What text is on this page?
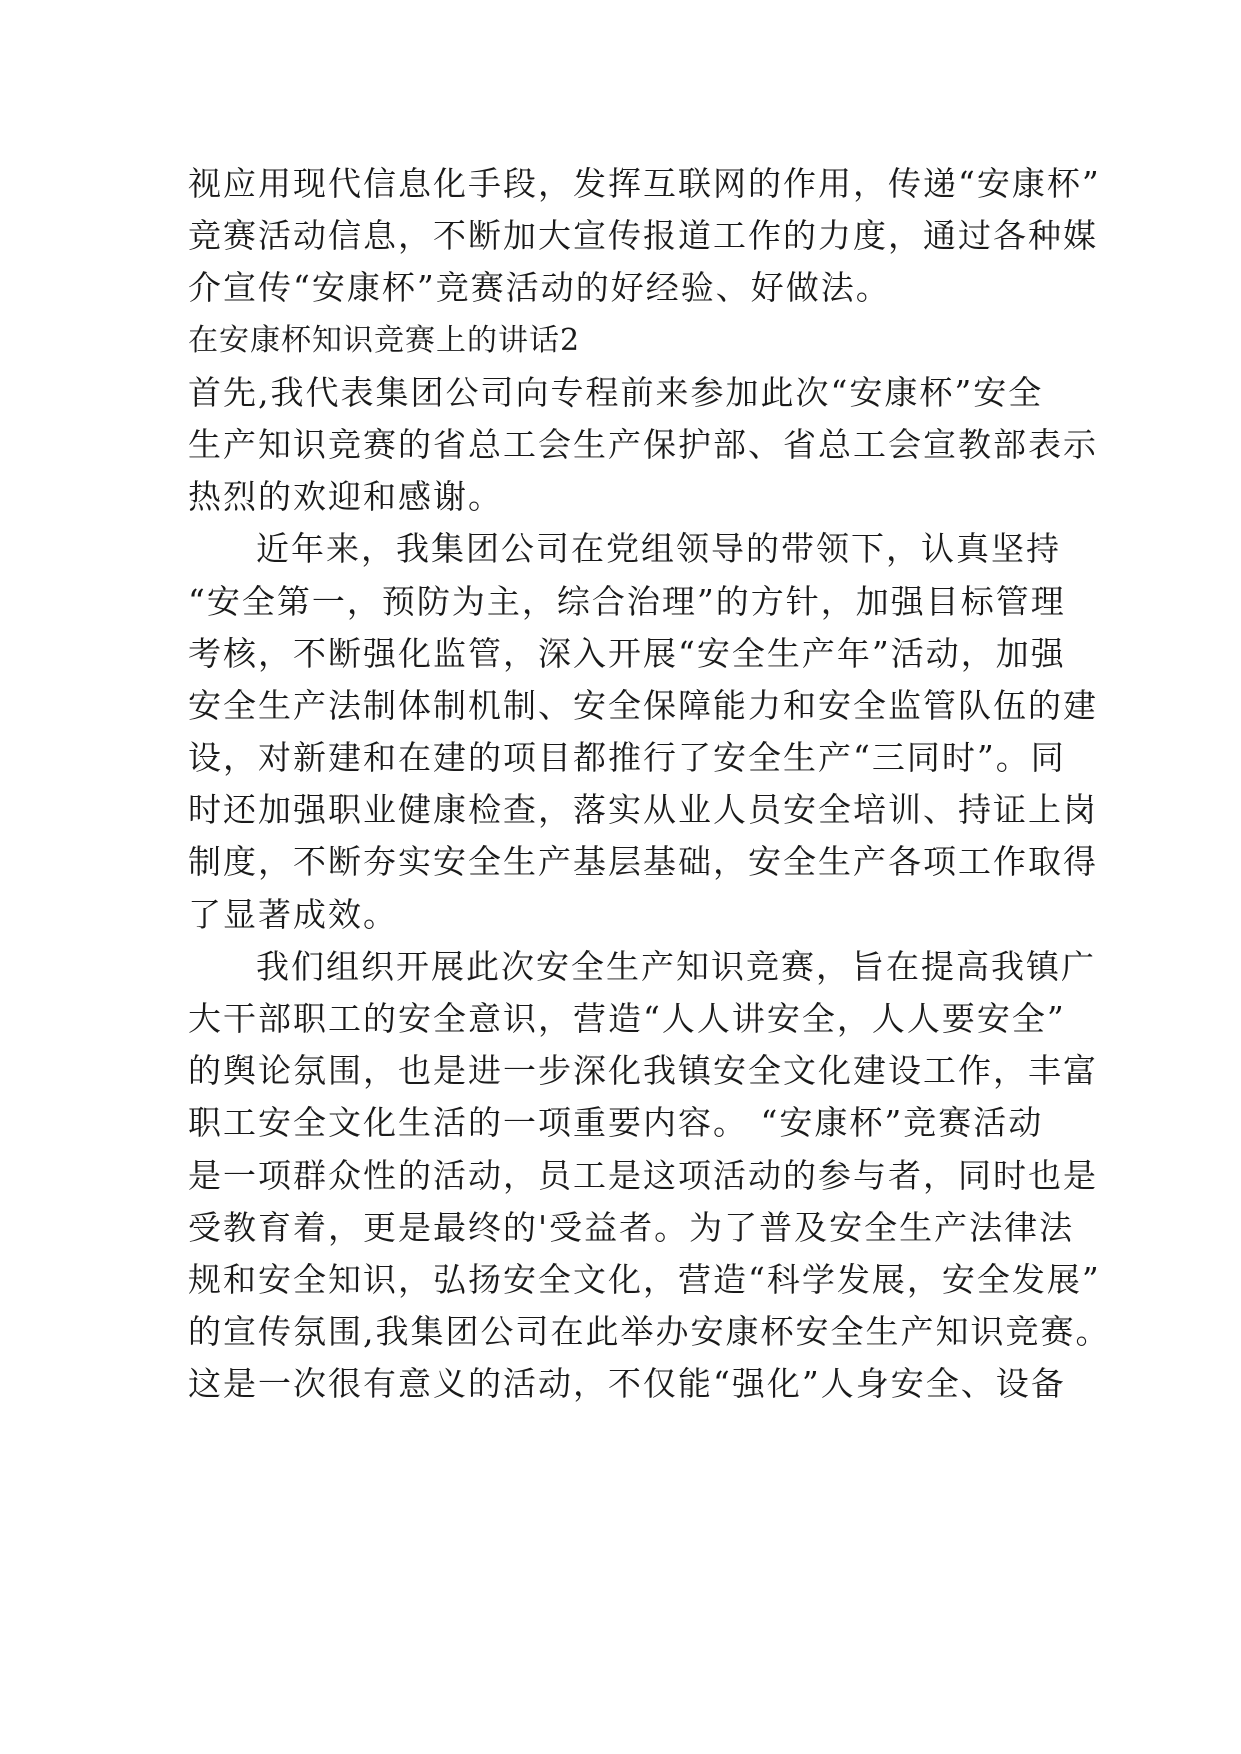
视应用现代信息化手段，发挥互联网的作用，传递“安康杯”
竞赛活动信息，不断加大宣传报道工作的力度，通过各种媒
介宣传“安康杯”竞赛活动的好经验、好做法。
在安康杯知识竞赛上的讲话2
首先,我代表集团公司向专程前来参加此次“安康杯”安全
生产知识竞赛的省总工会生产保护部、省总工会宣教部表示
热烈的欢迎和感谢。
近年来，我集团公司在党组领导的带领下，认真坚持
“安全第一，预防为主，综合治理”的方针，加强目标管理
考核，不断强化监管，深入开展“安全生产年”活动，加强
安全生产法制体制机制、安全保障能力和安全监管队伍的建
设，对新建和在建的项目都推行了安全生产“三同时”。同
时还加强职业健康检查，落实从业人员安全培训、持证上岗
制度，不断夯实安全生产基层基础，安全生产各项工作取得
了显著成效。
我们组织开展此次安全生产知识竞赛，旨在提高我镇广
大干部职工的安全意识，营造“人人讲安全，人人要安全”
的舆论氛围，也是进一步深化我镇安全文化建设工作，丰富
职工安全文化生活的一项重要内容。 “安康杯”竞赛活动
是一项群众性的活动，员工是这项活动的参与者，同时也是
受教育着，更是最终的'受益者。为了普及安全生产法律法
规和安全知识，弘扬安全文化，营造“科学发展，安全发展”
的宣传氛围,我集团公司在此举办安康杯安全生产知识竞赛。
这是一次很有意义的活动，不仅能“强化”人身安全、设备
